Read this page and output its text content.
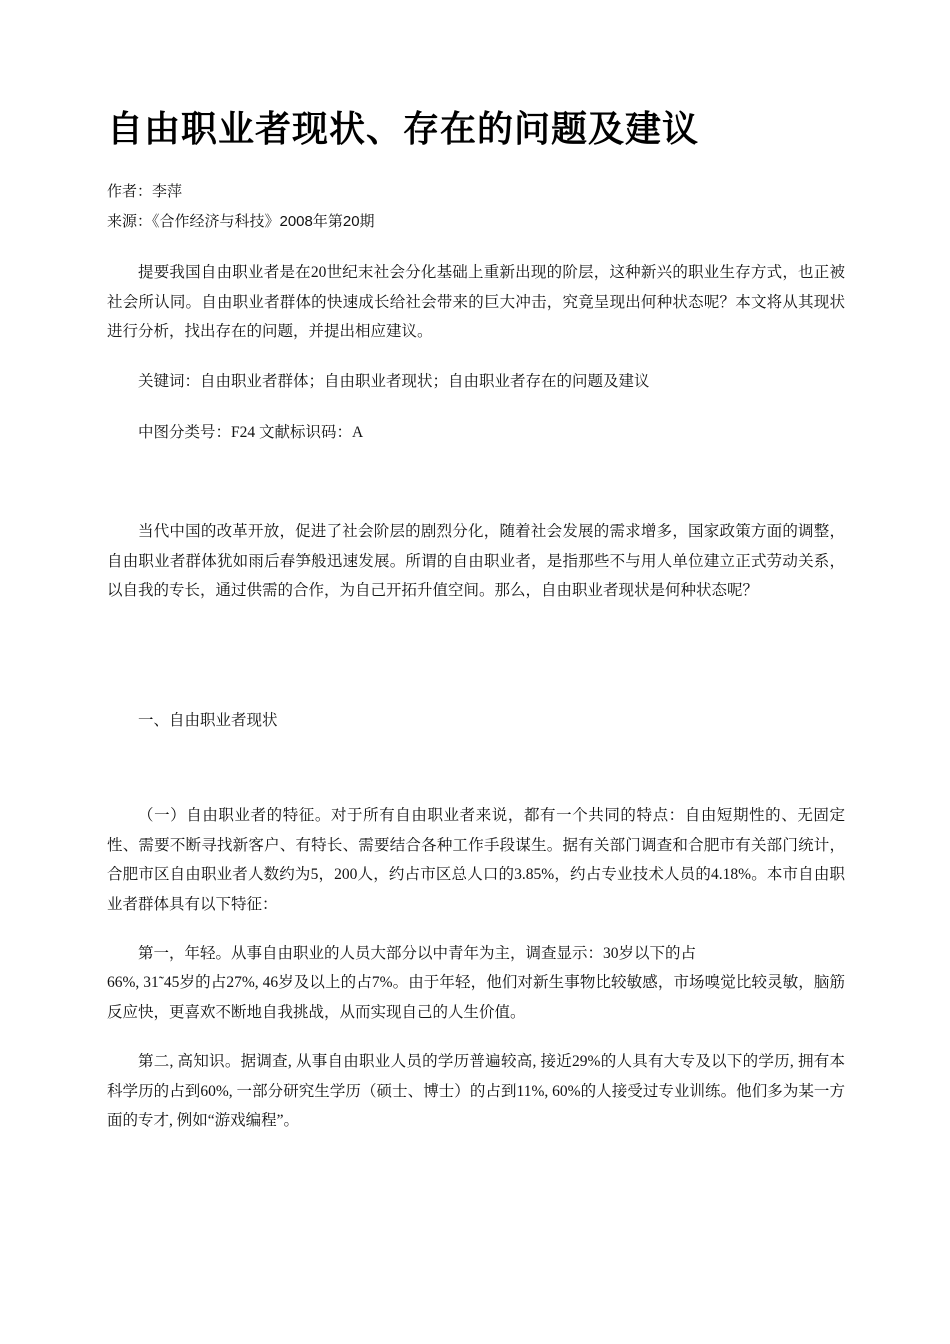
自由职业者现状、存在的问题及建议
作者：李萍
来源：《合作经济与科技》2008年第20期

提要我国自由职业者是在20世纪末社会分化基础上重新出现的阶层，这种新兴的职业生存方式，也正被社会所认同。自由职业者群体的快速成长给社会带来的巨大冲击，究竟呈现出何种状态呢？本文将从其现状进行分析，找出存在的问题，并提出相应建议。

关键词：自由职业者群体；自由职业者现状；自由职业者存在的问题及建议

中图分类号：F24 文献标识码：A

当代中国的改革开放，促进了社会阶层的剧烈分化，随着社会发展的需求增多，国家政策方面的调整，自由职业者群体犹如雨后春笋般迅速发展。所谓的自由职业者，是指那些不与用人单位建立正式劳动关系，以自我的专长，通过供需的合作，为自己开拓升值空间。那么，自由职业者现状是何种状态呢？

一、自由职业者现状

（一）自由职业者的特征。对于所有自由职业者来说，都有一个共同的特点：自由短期性的、无固定性、需要不断寻找新客户、有特长、需要结合各种工作手段谋生。据有关部门调查和合肥市有关部门统计，合肥市区自由职业者人数约为5，200人，约占市区总人口的3.85%，约占专业技术人员的4.18%。本市自由职业者群体具有以下特征：

第一，年轻。从事自由职业的人员大部分以中青年为主，调查显示：30岁以下的占

66%, 31˜45岁的占27%, 46岁及以上的占7%。由于年轻，他们对新生事物比较敏感，市场嗅觉比较灵敏，脑筋反应快，更喜欢不断地自我挑战，从而实现自己的人生价值。

第二, 高知识。据调查, 从事自由职业人员的学历普遍较高, 接近29%的人具有大专及以下的学历, 拥有本科学历的占到60%, 一部分研究生学历（硕士、博士）的占到11%, 60%的人接受过专业训练。他们多为某一方面的专才, 例如“游戏编程”。
